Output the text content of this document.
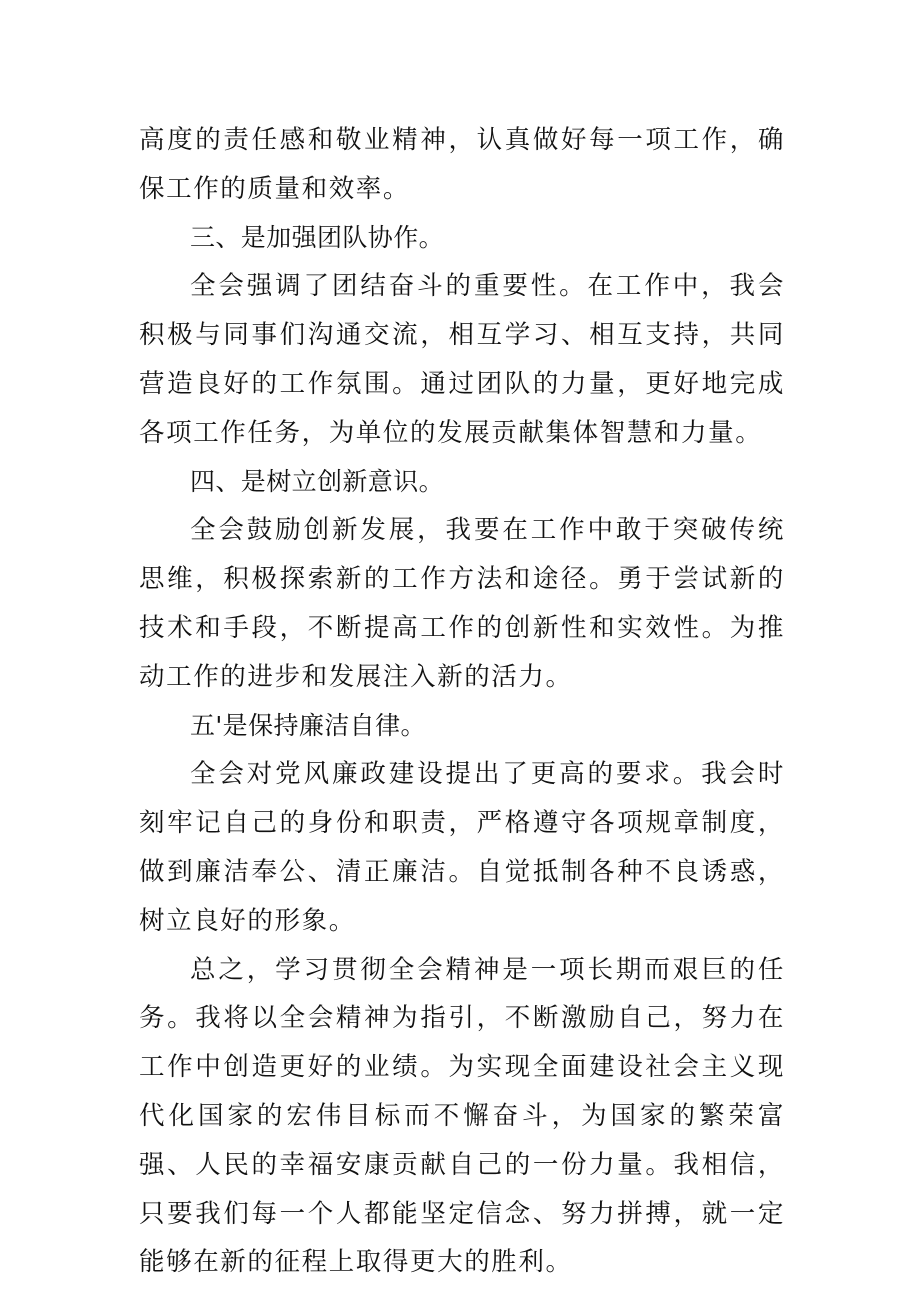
高度的责任感和敬业精神，认真做好每一项工作，确保工作的质量和效率。

三、是加强团队协作。

全会强调了团结奋斗的重要性。在工作中，我会积极与同事们沟通交流，相互学习、相互支持，共同营造良好的工作氛围。通过团队的力量，更好地完成各项工作任务，为单位的发展贡献集体智慧和力量。

四、是树立创新意识。

全会鼓励创新发展，我要在工作中敢于突破传统思维，积极探索新的工作方法和途径。勇于尝试新的技术和手段，不断提高工作的创新性和实效性。为推动工作的进步和发展注入新的活力。

五'是保持廉洁自律。

全会对党风廉政建设提出了更高的要求。我会时刻牢记自己的身份和职责，严格遵守各项规章制度，做到廉洁奉公、清正廉洁。自觉抵制各种不良诱惑，树立良好的形象。

总之，学习贯彻全会精神是一项长期而艰巨的任务。我将以全会精神为指引，不断激励自己，努力在工作中创造更好的业绩。为实现全面建设社会主义现代化国家的宏伟目标而不懈奋斗，为国家的繁荣富强、人民的幸福安康贡献自己的一份力量。我相信，只要我们每一个人都能坚定信念、努力拼搏，就一定能够在新的征程上取得更大的胜利。
